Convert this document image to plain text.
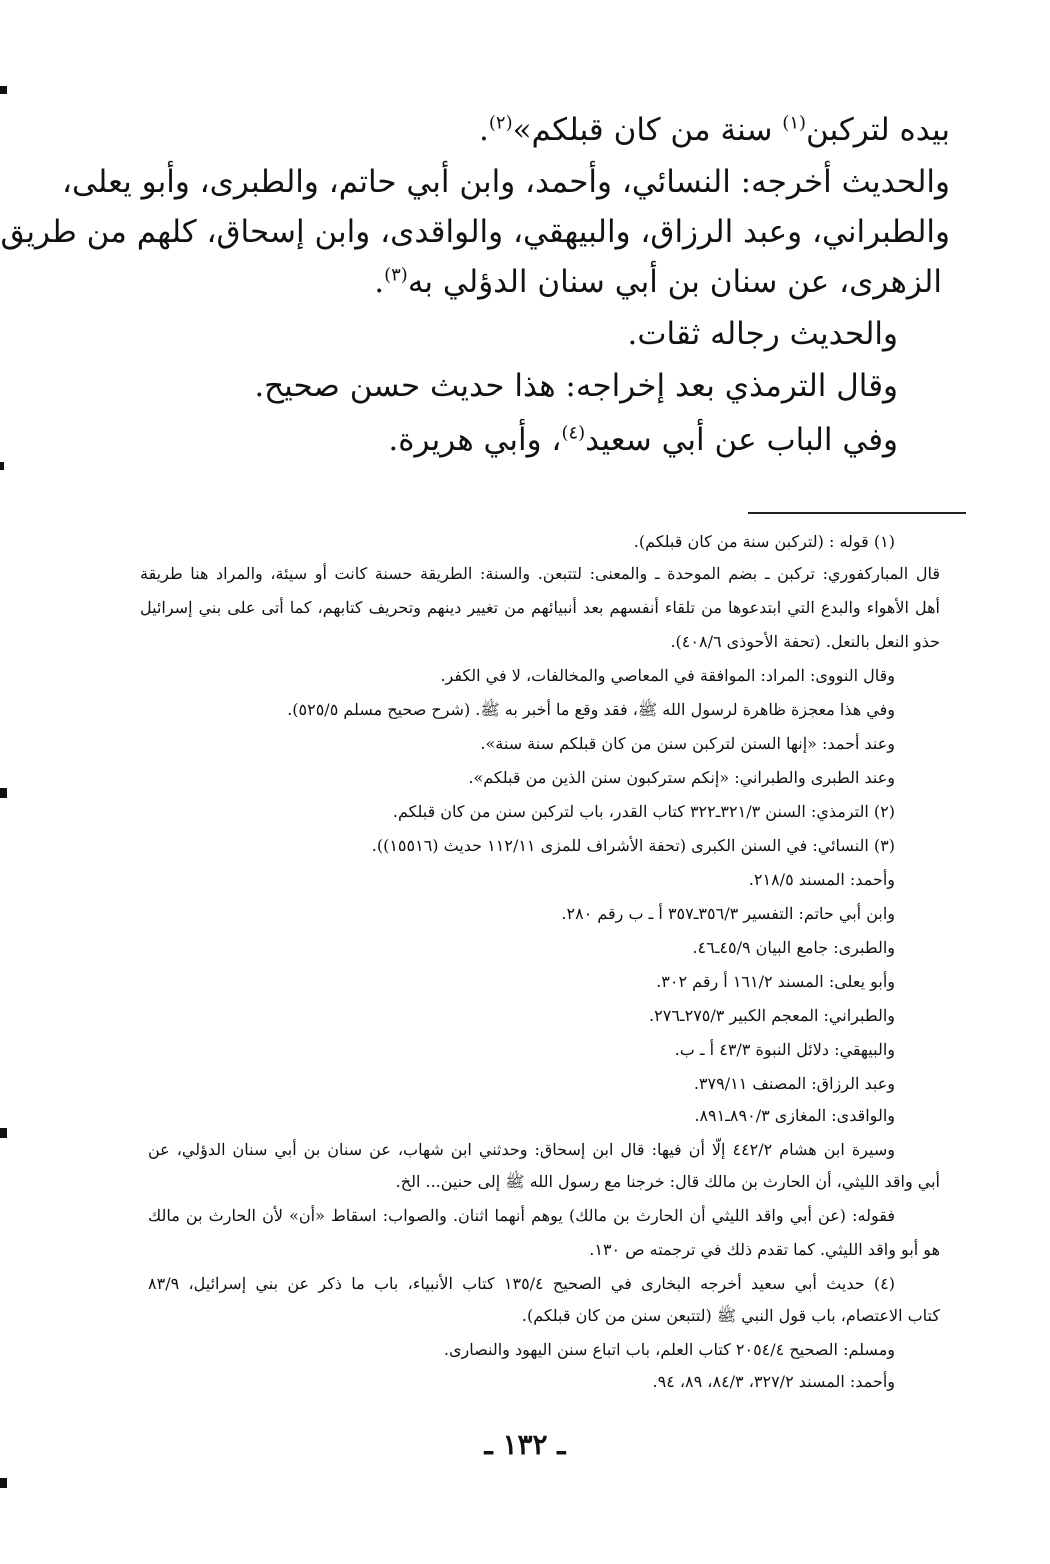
بيده لتركبن$^{(١)}$ سنة من كان قبلكم»$^{(٢)}$.
والحديث أخرجه: النسائي، وأحمد، وابن أبي حاتم، والطبرى، وأبو يعلى،
والطبراني، وعبد الرزاق، والبيهقي، والواقدى، وابن إسحاق، كلهم من طريق
الزهرى، عن سنان بن أبي سنان الدؤلي به$^{(٣)}$.
والحديث رجاله ثقات.
وقال الترمذي بعد إخراجه: هذا حديث حسن صحيح.
وفي الباب عن أبي سعيد$^{(٤)}$، وأبي هريرة.
(١) قوله : (لتركبن سنة من كان قبلكم).
قال المباركفوري: تركبن ـ بضم الموحدة ـ والمعنى: لتتبعن. والسنة: الطريقة حسنة كانت أو سيئة، والمراد هنا طريقة
أهل الأهواء والبدع التي ابتدعوها من تلقاء أنفسهم بعد أنبيائهم من تغيير دينهم وتحريف كتابهم، كما أتى على بني إسرائيل
حذو النعل بالنعل. (تحفة الأحوذى ٤٠٨/٦).
وقال النووى: المراد: الموافقة في المعاصي والمخالفات، لا في الكفر.
وفي هذا معجزة ظاهرة لرسول الله ﷺ، فقد وقع ما أخبر به ﷺ. (شرح صحيح مسلم ٥٢٥/٥).
وعند أحمد: «إنها السنن لتركبن سنن من كان قبلكم سنة سنة».
وعند الطبرى والطبراني: «إنكم ستركبون سنن الذين من قبلكم».
(٢) الترمذي: السنن ٣٢١/٣ـ٣٢٢ كتاب القدر، باب لتركبن سنن من كان قبلكم.
(٣) النسائي: في السنن الكبرى (تحفة الأشراف للمزى ١١٢/١١ حديث (١٥٥١٦)).
وأحمد: المسند ٢١٨/٥.
وابن أبي حاتم: التفسير ٣٥٦/٣ـ٣٥٧ أ ـ ب رقم ٢٨٠.
والطبرى: جامع البيان ٤٥/٩ـ٤٦.
وأبو يعلى: المسند ١٦١/٢ أ رقم ٣٠٢.
والطبراني: المعجم الكبير ٢٧٥/٣ـ٢٧٦.
والبيهقي: دلائل النبوة ٤٣/٣ أ ـ ب.
وعبد الرزاق: المصنف ٣٧٩/١١.
والواقدى: المغازى ٨٩٠/٣ـ٨٩١.
وسيرة ابن هشام ٤٤٢/٢ إلّا أن فيها: قال ابن إسحاق: وحدثني ابن شهاب، عن سنان بن أبي سنان الدؤلي، عن
أبي واقد الليثي، أن الحارث بن مالك قال: خرجنا مع رسول الله ﷺ إلى حنين... الخ.
فقوله: (عن أبي واقد الليثي أن الحارث بن مالك) يوهم أنهما اثنان. والصواب: اسقاط «أن» لأن الحارث بن مالك
هو أبو واقد الليثي. كما تقدم ذلك في ترجمته ص ١٣٠.
(٤) حديث أبي سعيد أخرجه البخارى في الصحيح ١٣٥/٤ كتاب الأنبياء، باب ما ذكر عن بني إسرائيل، ٨٣/٩
كتاب الاعتصام، باب قول النبي ﷺ (لتتبعن سنن من كان قبلكم).
ومسلم: الصحيح ٢٠٥٤/٤ كتاب العلم، باب اتباع سنن اليهود والنصارى.
وأحمد: المسند ٣٢٧/٢، ٨٤/٣، ٨٩، ٩٤.
ـ ١٣٢ ـ
